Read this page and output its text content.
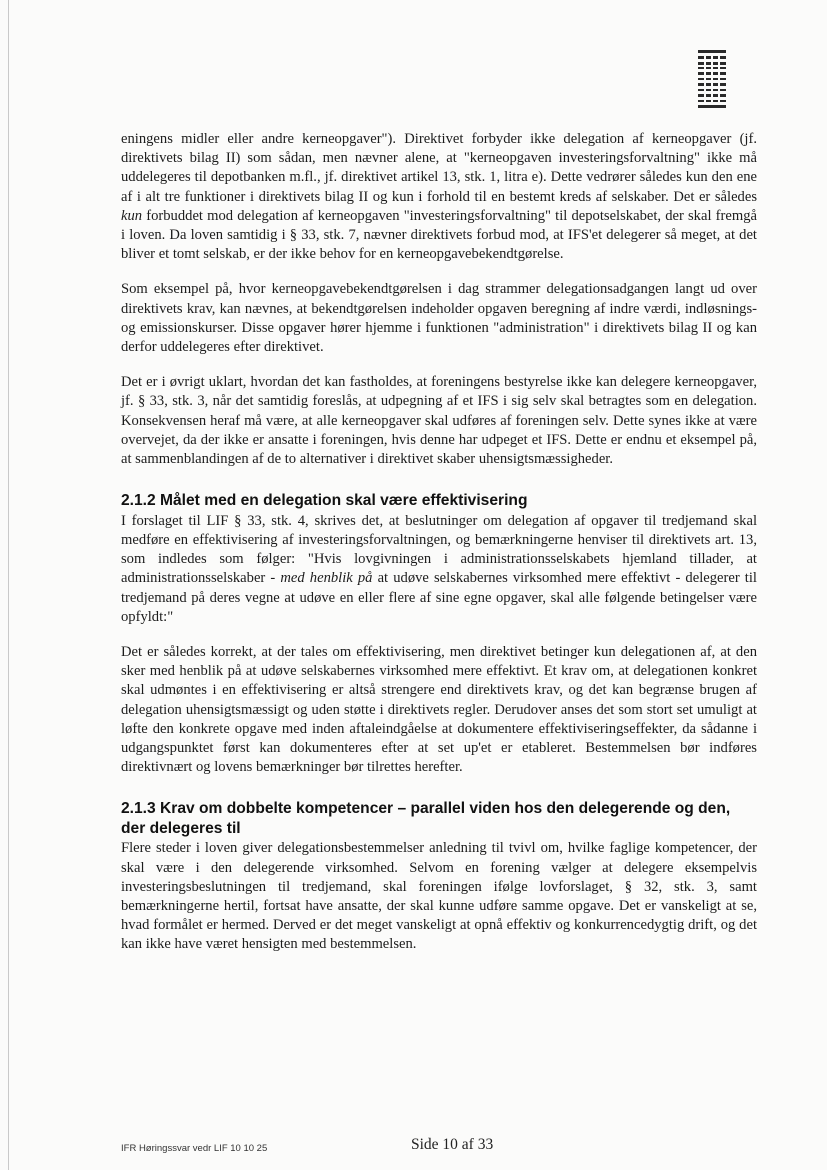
eningens midler eller andre kerneopgaver"). Direktivet forbyder ikke delegation af kerneopgaver (jf. direktivets bilag II) som sådan, men nævner alene, at "kerneopgaven investeringsforvaltning" ikke må uddelegeres til depotbanken m.fl., jf. direktivet artikel 13, stk. 1, litra e). Dette vedrører således kun den ene af i alt tre funktioner i direktivets bilag II og kun i forhold til en bestemt kreds af selskaber. Det er således kun forbuddet mod delegation af kerneopgaven "investeringsforvaltning" til depotselskabet, der skal fremgå i loven. Da loven samtidig i § 33, stk. 7, nævner direktivets forbud mod, at IFS'et delegerer så meget, at det bliver et tomt selskab, er der ikke behov for en kerneopgavebekendtgørelse.

Som eksempel på, hvor kerneopgavebekendtgørelsen i dag strammer delegationsadgangen langt ud over direktivets krav, kan nævnes, at bekendtgørelsen indeholder opgaven beregning af indre værdi, indløsnings- og emissionskurser. Disse opgaver hører hjemme i funktionen "administration" i direktivets bilag II og kan derfor uddelegeres efter direktivet.

Det er i øvrigt uklart, hvordan det kan fastholdes, at foreningens bestyrelse ikke kan delegere kerneopgaver, jf. § 33, stk. 3, når det samtidig foreslås, at udpegning af et IFS i sig selv skal betragtes som en delegation. Konsekvensen heraf må være, at alle kerneopgaver skal udføres af foreningen selv. Dette synes ikke at være overvejet, da der ikke er ansatte i foreningen, hvis denne har udpeget et IFS. Dette er endnu et eksempel på, at sammenblandingen af de to alternativer i direktivet skaber uhensigtsmæssigheder.

2.1.2 Målet med en delegation skal være effektivisering

I forslaget til LIF § 33, stk. 4, skrives det, at beslutninger om delegation af opgaver til tredjemand skal medføre en effektivisering af investeringsforvaltningen, og bemærkningerne henviser til direktivets art. 13, som indledes som følger: "Hvis lovgivningen i administrationsselskabets hjemland tillader, at administrationsselskaber - med henblik på at udøve selskabernes virksomhed mere effektivt - delegerer til tredjemand på deres vegne at udøve en eller flere af sine egne opgaver, skal alle følgende betingelser være opfyldt:"

Det er således korrekt, at der tales om effektivisering, men direktivet betinger kun delegationen af, at den sker med henblik på at udøve selskabernes virksomhed mere effektivt. Et krav om, at delegationen konkret skal udmøntes i en effektivisering er altså strengere end direktivets krav, og det kan begrænse brugen af delegation uhensigtsmæssigt og uden støtte i direktivets regler. Derudover anses det som stort set umuligt at løfte den konkrete opgave med inden aftaleindgåelse at dokumentere effektiviseringseffekter, da sådanne i udgangspunktet først kan dokumenteres efter at set up'et er etableret. Bestemmelsen bør indføres direktivnært og lovens bemærkninger bør tilrettes herefter.

2.1.3 Krav om dobbelte kompetencer – parallel viden hos den delegerende og den, der delegeres til

Flere steder i loven giver delegationsbestemmelser anledning til tvivl om, hvilke faglige kompetencer, der skal være i den delegerende virksomhed. Selvom en forening vælger at delegere eksempelvis investeringsbeslutningen til tredjemand, skal foreningen ifølge lovforslaget, § 32, stk. 3, samt bemærkningerne hertil, fortsat have ansatte, der skal kunne udføre samme opgave. Det er vanskeligt at se, hvad formålet er hermed. Derved er det meget vanskeligt at opnå effektiv og konkurrencedygtig drift, og det kan ikke have været hensigten med bestemmelsen.

IFR Høringssvar vedr LIF 10 10 25	Side 10 af 33
